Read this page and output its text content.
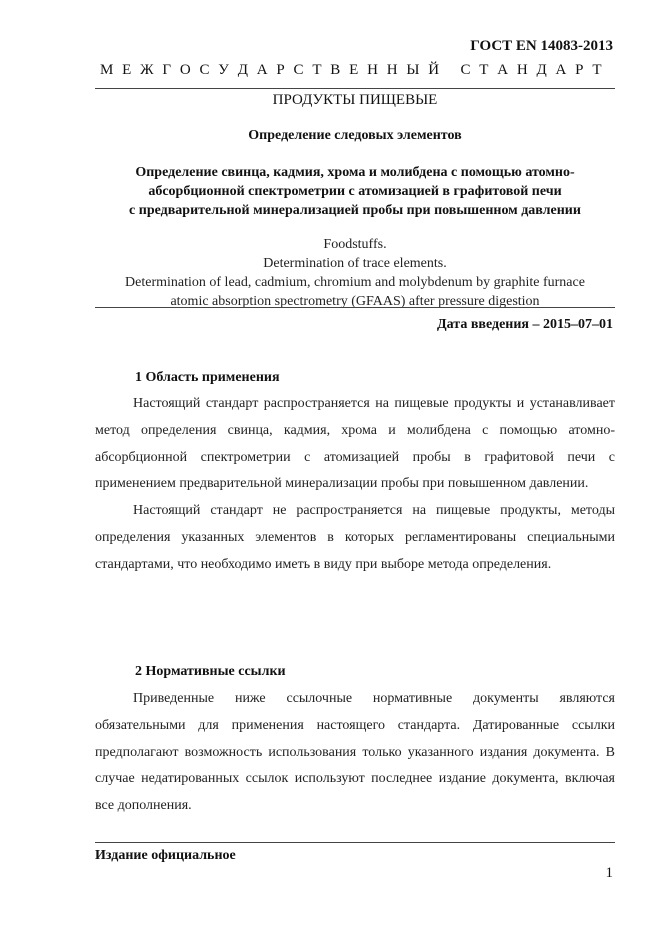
ГОСТ EN 14083-2013
М Е Ж Г О С У Д А Р С Т В Е Н Н Ы Й
С Т А Н Д А Р Т
ПРОДУКТЫ ПИЩЕВЫЕ
Определение следовых элементов
Определение свинца, кадмия, хрома и молибдена с помощью атомно-
абсорбционной спектрометрии с атомизацией в графитовой печи
с предварительной минерализацией пробы при повышенном давлении
Foodstuffs.
Determination of trace elements.
Determination of lead, cadmium, chromium and molybdenum by graphite furnace
atomic absorption spectrometry (GFAAS) after pressure digestion
Дата введения – 2015–07–01
1 Область применения

Настоящий стандарт распространяется на пищевые продукты и устанавливает метод определения свинца, кадмия, хрома и молибдена с помощью атомно-абсорбционной спектрометрии с атомизацией пробы в графитовой печи с применением предварительной минерализации пробы при повышенном давлении.

Настоящий стандарт не распространяется на пищевые продукты, методы определения указанных элементов в которых регламентированы специальными стандартами, что необходимо иметь в виду при выборе метода определения.

2 Нормативные ссылки

Приведенные ниже ссылочные нормативные документы являются обязательными для применения настоящего стандарта. Датированные ссылки предполагают возможность использования только указанного издания документа. В случае недатированных ссылок используют последнее издание документа, включая все дополнения.

Издание официальное
1
